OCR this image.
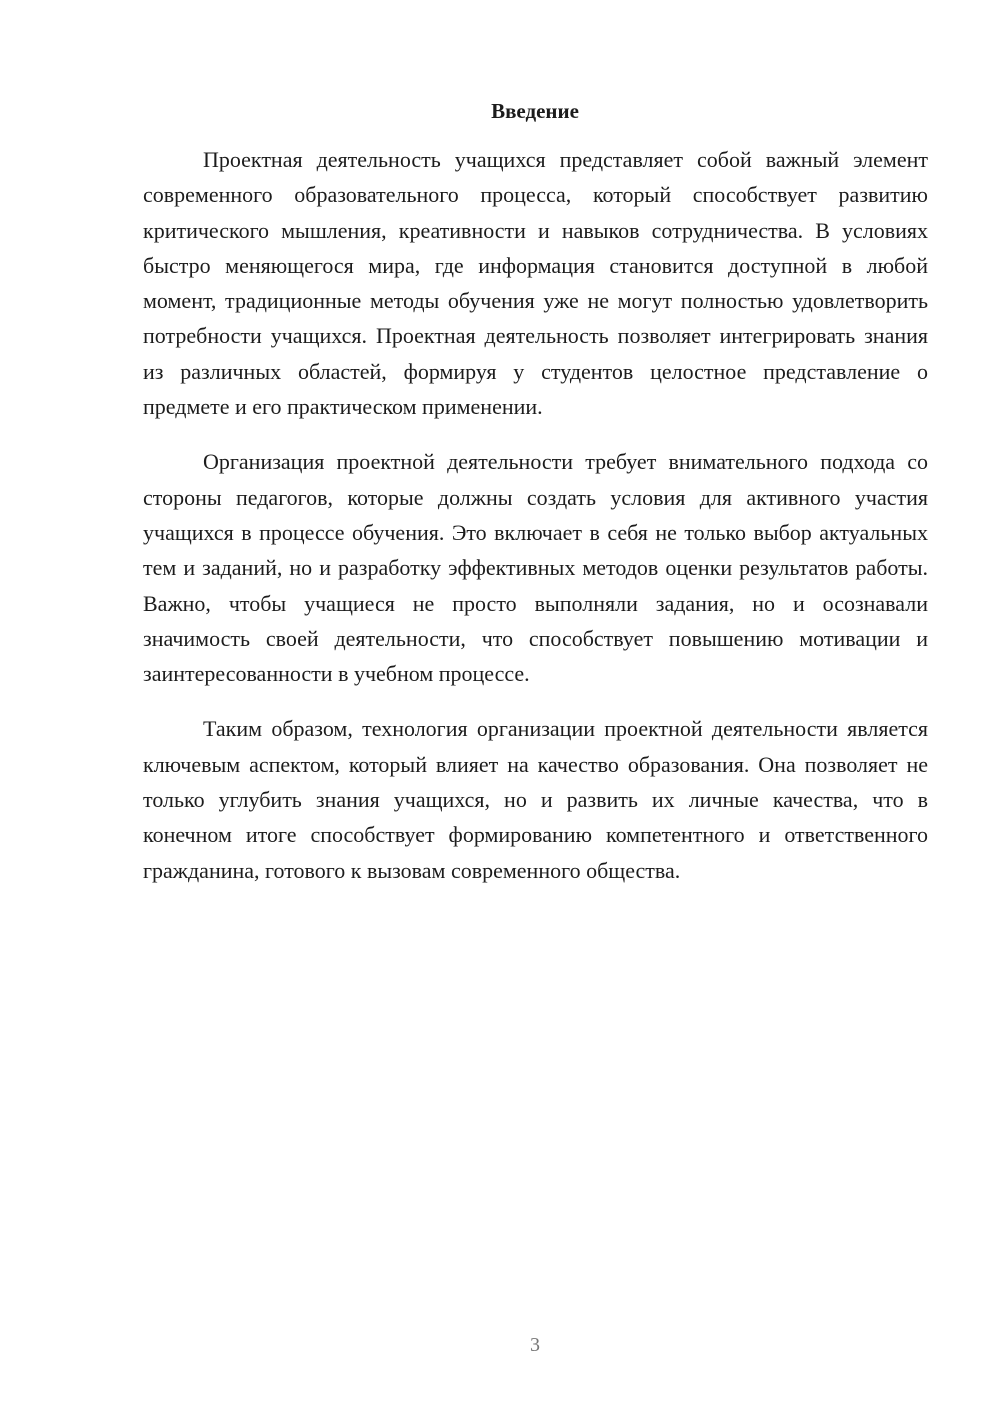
Введение

Проектная деятельность учащихся представляет собой важный элемент современного образовательного процесса, который способствует развитию критического мышления, креативности и навыков сотрудничества. В условиях быстро меняющегося мира, где информация становится доступной в любой момент, традиционные методы обучения уже не могут полностью удовлетворить потребности учащихся. Проектная деятельность позволяет интегрировать знания из различных областей, формируя у студентов целостное представление о предмете и его практическом применении.

Организация проектной деятельности требует внимательного подхода со стороны педагогов, которые должны создать условия для активного участия учащихся в процессе обучения. Это включает в себя не только выбор актуальных тем и заданий, но и разработку эффективных методов оценки результатов работы. Важно, чтобы учащиеся не просто выполняли задания, но и осознавали значимость своей деятельности, что способствует повышению мотивации и заинтересованности в учебном процессе.

Таким образом, технология организации проектной деятельности является ключевым аспектом, который влияет на качество образования. Она позволяет не только углубить знания учащихся, но и развить их личные качества, что в конечном итоге способствует формированию компетентного и ответственного гражданина, готового к вызовам современного общества.

3
